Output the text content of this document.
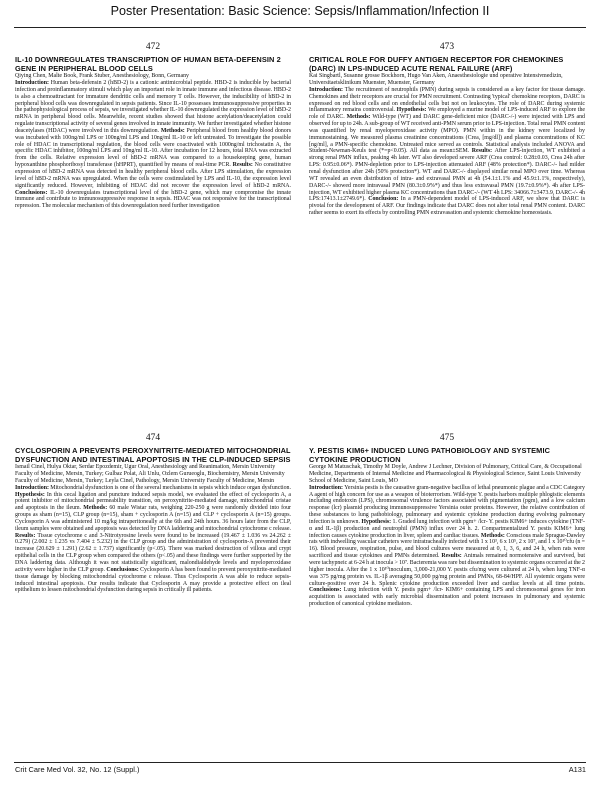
Poster Presentation: Basic Science: Sepsis/Inflammation/Infection II
472
IL-10 DOWNREGULATES TRANSCRIPTION OF HUMAN BETA-DEFENSIN 2 GENE IN PERIPHERAL BLOOD CELLS
Qiying Chen, Malte Book, Frank Stuber, Anesthesiology, Bonn, Germany
Introduction: Human beta-defensin 2 (hBD-2) is a cationic antimicrobial peptide. HBD-2 is inducible by bacterial infection and proinflammatory stimuli which play an important role in innate immune and infectious disease. HBD-2 is also a chemoattractant for immature dendritic cells and memory T cells. However, the inducibility of hBD-2 in peripheral blood cells was downregulated in sepsis patients. Since IL-10 possesses immunosuppressive properties in the pathophysiological process of sepsis, we investigated whether IL-10 downregulated the expression level of hBD-2 mRNA in peripheral blood cells. Meanwhile, recent studies showed that histone acetylation/deacetylation could regulate transcriptional activity of several genes involved in innate immunity. We further investigated whether histone deacetylases (HDAC) were involved in this downregulation. Methods: Peripheral blood from healthy blood donors was incubated with 100ng/ml LPS or 100ng/ml LPS and 10ng/ml IL-10 or left untreated. To investigate the possible role of HDAC in transcriptional regulation, the blood cells were coactivated with 1000ng/ml trichostatin A, the specific HDAC inhibitor, 100ng/ml LPS and 10ng/ml IL-10. After incubation for 12 hours, total RNA was extracted from the cells. Relative expression level of hBD-2 mRNA was compared to a housekeeping gene, human hypoxanthine phosphoribosyl transferase (hHPRT), quantified by means of real-time PCR. Results: No constitutive expression of hBD-2 mRNA was detected in healthy peripheral blood cells. After LPS stimulation, the expression level of hBD-2 mRNA was upregulated. When the cells were costimulated by LPS and IL-10, the expression level significantly reduced. However, inhibiting of HDAC did not recover the expression level of hBD-2 mRNA. Conclusions: IL-10 downregulates transcriptional level of the hBD-2 gene, which may compromise the innate immune and contribute to immunosuppressive response in sepsis. HDAC was not responsive for the transcriptional repression. The molecular mechanism of this downregulation need further investigation
473
CRITICAL ROLE FOR DUFFY ANTIGEN RECEPTOR FOR CHEMOKINES (DARC) IN LPS-INDUCED ACUTE RENAL FAILURE (ARF)
Kai Singbartl, Susanne grosse Bockhorn, Hugo Van Aken, Anaesthesiologie und operative Intensivmedizin, Universitaetsklinikum Muenster, Muenster, Germany
Introduction: The recruitment of neutrophils (PMN) during sepsis is considered as a key factor for tissue damage. Chemokines and their receptors are crucial for PMN recruitment. Contrasting 'typical' chemokine receptors, DARC is expressed on red blood cells and on endothelial cells but not on leukocytes. The role of DARC during systemic inflammatory remains controversial. Hypothesis: We employed a murine model of LPS-induced ARF to explore the role of DARC. Methods: Wild-type (WT) and DARC gene-deficient mice (DARC-/-) were injected with LPS and observed for up to 24h. A sub-group of WT received anti-PMN serum prior to LPS-injection. Total renal PMN content was quantified by renal myeloperoxidase activity (MPO). PMN within in the kidney were localized by immunostaining. We measured plasma creatinine concentrations (Crea, [mg/dl]) and plasma concentrations of KC [ng/ml], a PMN-specific chemokine. Untreated mice served as controls. Statistical analysis included ANOVA and Student-Newman-Keuls test (*=p<0.05). All data as mean±SEM. Results: After LPS-injection, WT exhibited a strong renal PMN influx, peaking 4h later. WT also developed severe ARF (Crea control: 0.28±0.03, Crea 24h after LPS: 0.95±0.06*). PMN-depletion prior to LPS-injection attenuated ARF (48% protection*). DARC-/- had milder renal dysfunction after 24h (50% protection*). WT and DARC-/- displayed similar renal MPO over time. Whereas WT revealed an even distribution of intra- and extravasal PMN at 4h (54.1±1.1% and 45.9±1.1%, respectively), DARC-/- showed more intravasal PMN (80.3±0.9%*) and thus less extravasal PMN (19.7±0.9%*). 4h after LPS-injection, WT exhibited higher plasma KC concentrations than DARC-/- (WT 4h LPS: 34066.7±3473.9, DARC-/- 4h LPS:17413.1±2749.6*). Conclusion: In a PMN-dependent model of LPS-induced ARF, we show that DARC is pivotal for the development of ARF. Our findings indicate that DARC does not alter total renal PMN content. DARC rather seems to exert its effects by controlling PMN extravasation and systemic chemokine homeostasis.
474
CYCLOSPORIN A PREVENTS PEROXYNITRITE-MEDIATED MITOCHONDRIAL DYSFUNCTION AND INTESTINAL APOPTOSIS IN THE CLP-INDUCED SEPSIS
Ismail Cinel, Hulya Oktar, Serdar Epozdemir, Ugur Oral, Anesthesiology and Reanimation, Mersin University Faculty of Medicine, Mersin, Turkey; Gulbaz Polat, Ali Unlu, Ozlem Gurueoglu, Biochemistry, Mersin University Faculty of Medicine, Mersin, Turkey; Leyla Cinel, Pathology, Mersin University Faculty of Medicine, Mersin
Introduction: Mitochondrial dysfunction is one of the several mechanisms in sepsis which induce organ dysfunction. Hypothesis: In this cecal ligation and puncture induced sepsis model, we evaluated the effect of cyclosporin A, a potent inhibitor of mitochondrial permeability transition, on peroxynitrite-mediated damage, mitochondrial cristae and apoptosis in the ileum. Methods: 60 male Wistar rats, weighing 220-250 g were randomly divided into four groups as sham (n=15), CLP group (n=15), sham + cyclosporin A (n=15) and CLP + cyclosporin A (n=15) groups. Cyclosporin A was administered 10 mg/kg intraperitoneally at the 6th and 24th hours. 36 hours later from the CLP, ileum samples were obtained and apoptosis was detected by DNA laddering and mitochondrial cytochrome c release. Results: Tissue cytochrome c and 3-Nitrotyrosine levels were found to be increased (19.467 ± 1.036 vs 24.262 ± 0.279) (2.002 ± 1.235 vs 7.404 ± 5.232) in the CLP group and the administration of cyclosporin-A prevented their increase (20.629 ± 1.291) (2.62 ± 1.737) significantly (p<.05). There was marked destruction of villous and crypt epithelial cells in the CLP group when compared the others (p<.05) and these findings were further supported by the DNA laddering data. Although it was not statistically significant, malondialdehyde levels and myeloperoxidase activity were higher in the CLP group. Conclusions: Cyclosporin A has been found to prevent peroxynitrite-mediated tissue damage by blocking mitochondrial cytochrome c release. Thus Cyclosporin A was able to reduce sepsis-induced intestinal apoptosis. Our results indicate that Cyclosporin A may provide a protective effect on ileal epithelium to lessen mitochondrial dysfunction during sepsis in critically ill patients.
475
Y. PESTIS KIM6+ INDUCED LUNG PATHOBIOLOGY AND SYSTEMIC CYTOKINE PRODUCTION
George M Matuschak, Timothy M Doyle, Andrew J Lechner, Division of Pulmonary, Critical Care, & Occupational Medicine, Departments of Internal Medicine and Pharmacological & Physiological Science, Saint Louis University School of Medicine, Saint Louis, MO
Introduction: Yersinia pestis is the causative gram-negative bacillus of lethal pneumonic plague and a CDC Category A agent of high concern for use as a weapon of bioterrorism. Wild-type Y. pestis harbors multiple phlogistic elements including endotoxin (LPS), chromosomal virulence factors associated with pigmentation (pgm), and a low calcium response (lcr) plasmid producing immunosuppressive Yersinia outer proteins. However, the relative contribution of these substances to lung pathobiology, pulmonary and systemic cytokine production during evolving pulmonary infection is unknown. Hypothesis: 1. Graded lung infection with pgm+ /lcr- Y. pestis KIM6+ induces cytokine (TNF-α and IL-1β) production and neutrophil (PMN) influx over 24 h. 2. Compartmentalized Y. pestis KIM6+ lung infection causes cytokine production in liver, spleen and cardiac tissues. Methods: Conscious male Sprague-Dawley rats with indwelling vascular catheters were intratracheally infected with 1 x 10³, 6 x 10⁵, 2 x 10⁷, and 1 x 10¹⁰cfu (n = 16). Blood pressure, respiration, pulse, and blood cultures were measured at 0, 1, 3, 6, and 24 h, when rats were sacrificed and tissue cytokines and PMNs determined. Results: Animals remained normotensive and survived, but were tachypneic at 6-24 h at inocula > 10⁷. Bacteremia was rare but dissemination to systemic organs occurred at the 2 higher inocula. After the 1 x 10¹⁰inoculum, 3,000-21,000 Y. pestis cfu/mg were cultured at 24 h, when lung TNF-α was 375 pg/mg protein vs. IL-1β averaging 50,000 pg/mg protein and PMNs, 68-84/HPF. All systemic organs were culture-positive over 24 h. Splenic cytokine production exceeded liver and cardiac levels at all time points. Conclusions: Lung infection with Y. pestis pgm+ /lcr- KIM6+ containing LPS and chromosomal genes for iron acquisition is associated with early microbial dissemination and potent increases in pulmonary and systemic production of canonical cytokine mediators.
Crit Care Med Vol. 32, No. 12 (Suppl.)	A131
